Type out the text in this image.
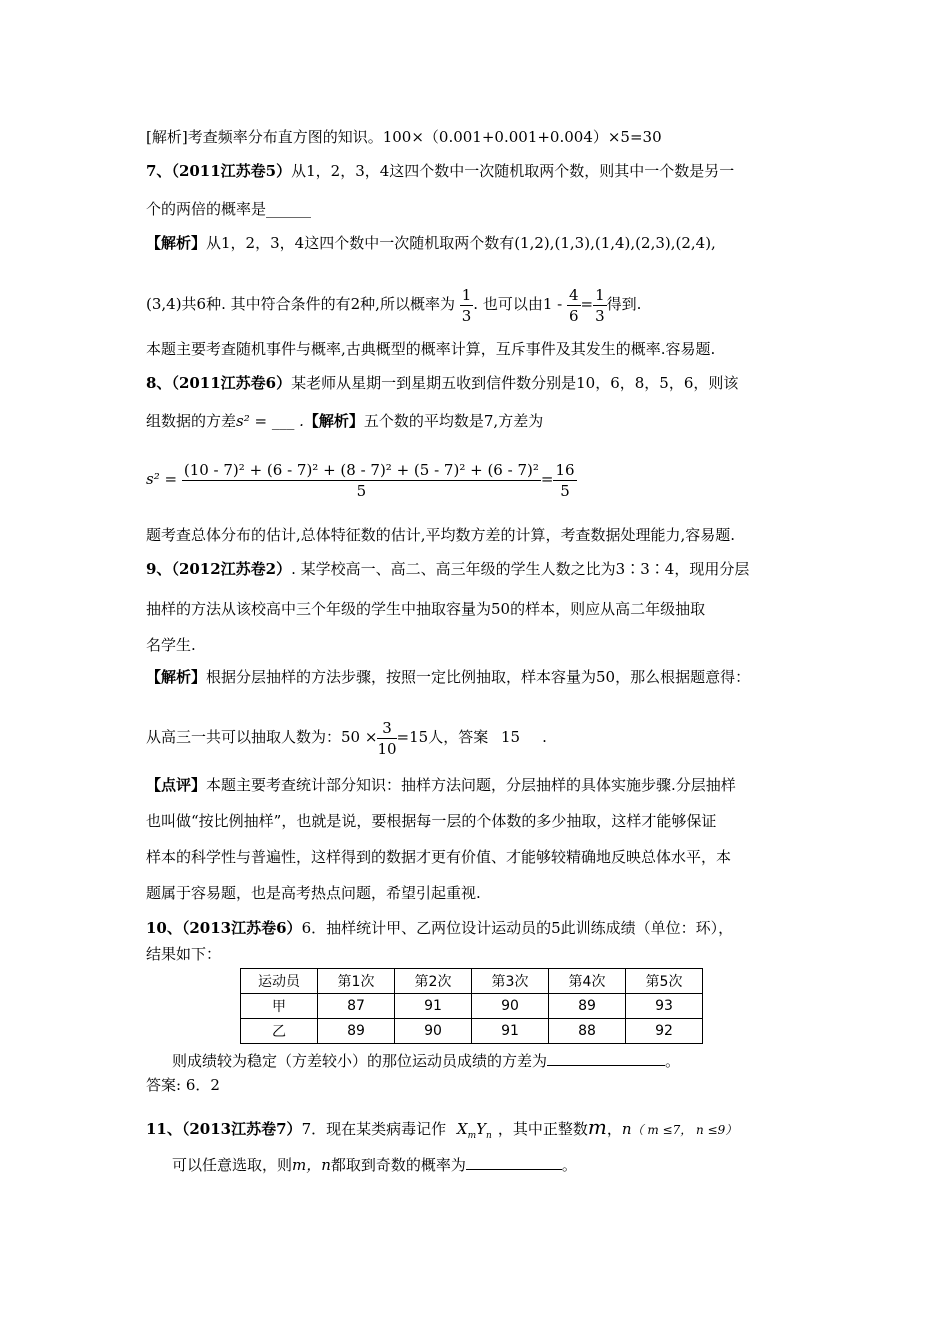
[解析]考查频率分布直方图的知识。100×（0.001+0.001+0.004）×5=30
7、（2011江苏卷5）从1，2，3，4这四个数中一次随机取两个数，则其中一个数是另一
个的两倍的概率是______
【解析】从1，2，3，4这四个数中一次随机取两个数有(1,2),(1,3),(1,4),(2,3),(2,4),
(3,4)共6种. 其中符合条件的有2种,所以概率为 $\frac{1}{3}$ . 也可以由$1 - \frac{4}{6} = \frac{1}{3}$ 得到.
本题主要考查随机事件与概率,古典概型的概率计算，互斥事件及其发生的概率.容易题.
8、（2011江苏卷6）某老师从星期一到星期五收到信件数分别是10，6，8，5，6，则该
组数据的方差s² = ___ .【解析】五个数的平均数是7,方差为
$s^2 = \frac{\text{(10 - 7)² + (6 - 7)² + (8 - 7)² + (5 - 7)² + (6 - 7)²}}{5} = \frac{16}{5}$
题考查总体分布的估计,总体特征数的估计,平均数方差的计算，考查数据处理能力,容易题.
9、（2012江苏卷2）. 某学校高一、高二、高三年级的学生人数之比为3∶3∶4，现用分层
抽样的方法从该校高中三个年级的学生中抽取容量为50的样本，则应从高二年级抽取
名学生.
【解析】根据分层抽样的方法步骤，按照一定比例抽取，样本容量为50，那么根据题意得：
从高三一共可以抽取人数为：$50 \times \frac{3}{10} =15$人，答案 15 .
【点评】本题主要考查统计部分知识：抽样方法问题，分层抽样的具体实施步骤.分层抽样
也叫做“按比例抽样”，也就是说，要根据每一层的个体数的多少抽取，这样才能够保证
样本的科学性与普遍性，这样得到的数据才更有价值、才能够较精确地反映总体水平，本
题属于容易题，也是高考热点问题，希望引起重视.
10、（2013江苏卷6）6．抽样统计甲、乙两位设计运动员的5此训练成绩（单位：环），
结果如下：
运动员	第1次	第2次	第3次	第4次	第5次
甲	87	91	90	89	93
乙	89	90	91	88	92
则成绩较为稳定（方差较小）的那位运动员成绩的方差为	。
答案: 6．2
11、（2013江苏卷7）7．现在某类病毒记作 $X_mY_n$ ，其中正整数m，n（ m ≤7， n ≤9）
可以任意选取，则m，n都取到奇数的概率为	。
